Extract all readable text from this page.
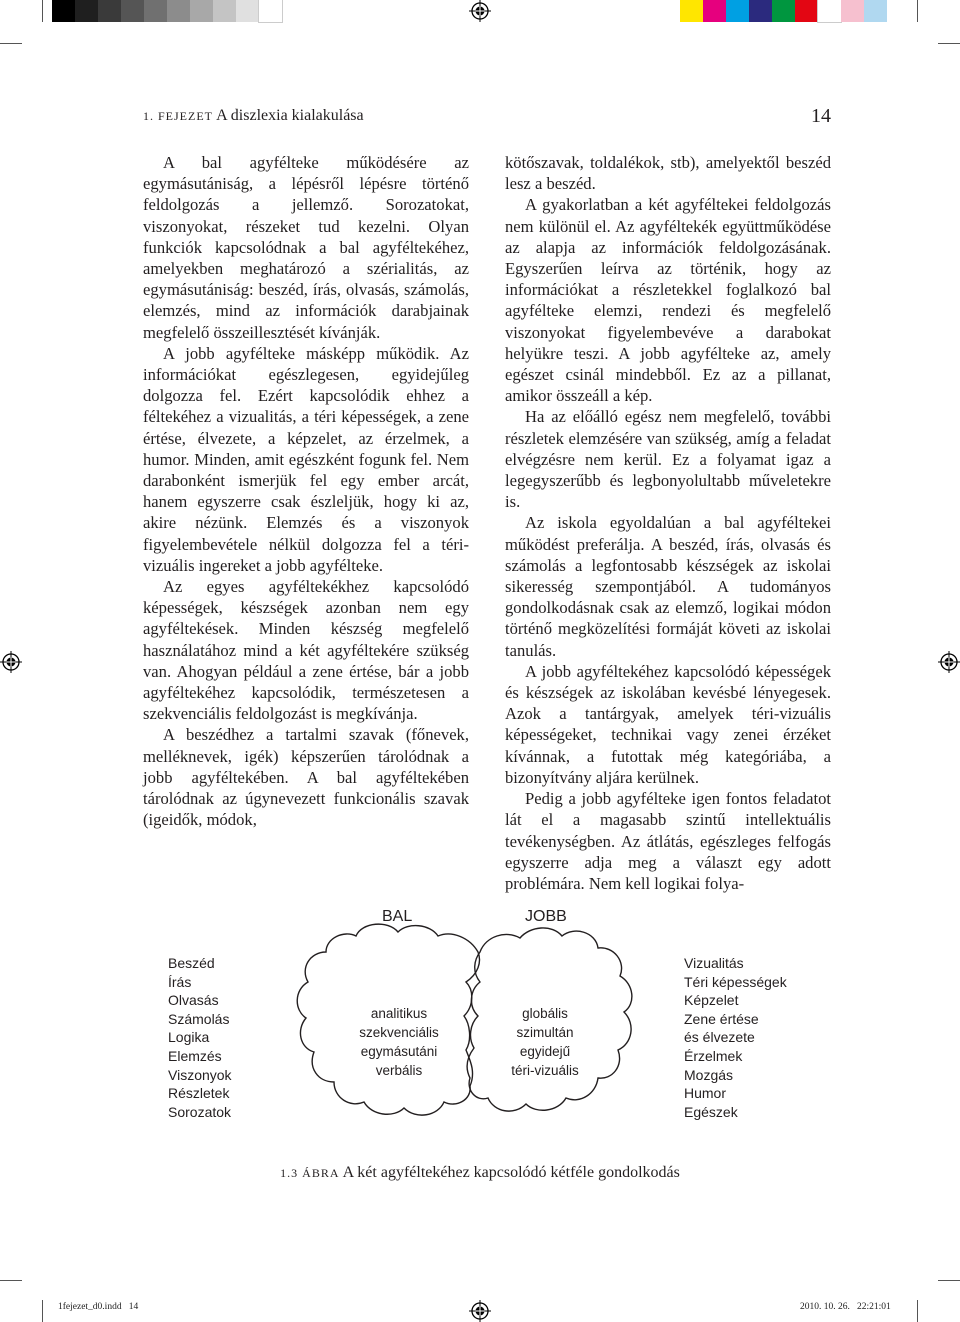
1. FEJEZET A diszlexia kialakulása	14

A bal agyfélteke működésére az egymásutániság, a lépésről lépésre történő feldolgozás a jellemző. Sorozatokat, viszonyokat, részeket tud kezelni. Olyan funkciók kapcsolódnak a bal agyféltekéhez, amelyekben meghatározó a szérialitás, az egymásutániság: beszéd, írás, olvasás, számolás, elemzés, mind az információk darabjainak megfelelő összeillesztését kívánják.

A jobb agyfélteke másképp működik. Az információkat egészlegesen, egyidejűleg dolgozza fel. Ezért kapcsolódik ehhez a féltekéhez a vizualitás, a téri képességek, a zene értése, élvezete, a képzelet, az érzelmek, a humor. Minden, amit egészként fogunk fel. Nem darabonként ismerjük fel egy ember arcát, hanem egyszerre csak észleljük, hogy ki az, akire nézünk. Elemzés és a viszonyok figyelembevétele nélkül dolgozza fel a téri-vizuális ingereket a jobb agyfélteke.

Az egyes agyféltekékhez kapcsolódó képességek, készségek azonban nem egy agyféltekések. Minden készség megfelelő használatához mind a két agyféltekére szükség van. Ahogyan például a zene értése, bár a jobb agyféltekéhez kapcsolódik, természetesen a szekvenciális feldolgozást is megkívánja.

A beszédhez a tartalmi szavak (főnevek, melléknevek, igék) képszerűen tárolódnak a jobb agyféltekében. A bal agyféltekében tárolódnak az úgynevezett funkcionális szavak (igeidők, módok,

kötőszavak, toldalékok, stb), amelyektől beszéd lesz a beszéd.

A gyakorlatban a két agyféltekei feldolgozás nem különül el. Az agyféltekék együttműködése az alapja az információk feldolgozásának. Egyszerűen leírva az történik, hogy az információkat a részletekkel foglalkozó bal agyfélteke elemzi, rendezi és megfelelő viszonyokat figyelembevéve a darabokat helyükre teszi. A jobb agyfélteke az, amely egészet csinál mindebből. Ez az a pillanat, amikor összeáll a kép.

Ha az előálló egész nem megfelelő, további részletek elemzésére van szükség, amíg a feladat elvégzésre nem kerül. Ez a folyamat igaz a legegyszerűbb és legbonyolultabb műveletekre is.

Az iskola egyoldalúan a bal agyféltekei működést preferálja. A beszéd, írás, olvasás és számolás a legfontosabb készségek az iskolai sikeresség szempontjából. A tudományos gondolkodásnak csak az elemző, logikai módon történő megközelítési formáját követi az iskolai tanulás.

A jobb agyféltekéhez kapcsolódó képességek és készségek az iskolában kevésbé lényegesek. Azok a tantárgyak, amelyek téri-vizuális képességeket, technikai vagy zenei érzéket kívánnak, a futottak még kategóriába, a bizonyítvány aljára kerülnek.

Pedig a jobb agyfélteke igen fontos feladatot lát el a magasabb szintű intellektuális tevékenységben. Az átlátás, egészleges felfogás egyszerre adja meg a választ egy adott problémára. Nem kell logikai folya-

BAL	JOBB
Beszéd
Írás
Olvasás
Számolás
Logika
Elemzés
Viszonyok
Részletek
Sorozatok
Vizualitás
Téri képességek
Képzelet
Zene értése
és élvezete
Érzelmek
Mozgás
Humor
Egészek
analitikus
szekvenciális
egymásutáni
verbális
globális
szimultán
egyidejű
téri-vizuális
1.3 ÁBRA A két agyféltekéhez kapcsolódó kétféle gondolkodás
1fejezet_d0.indd   14	2010. 10. 26.   22:21:01
